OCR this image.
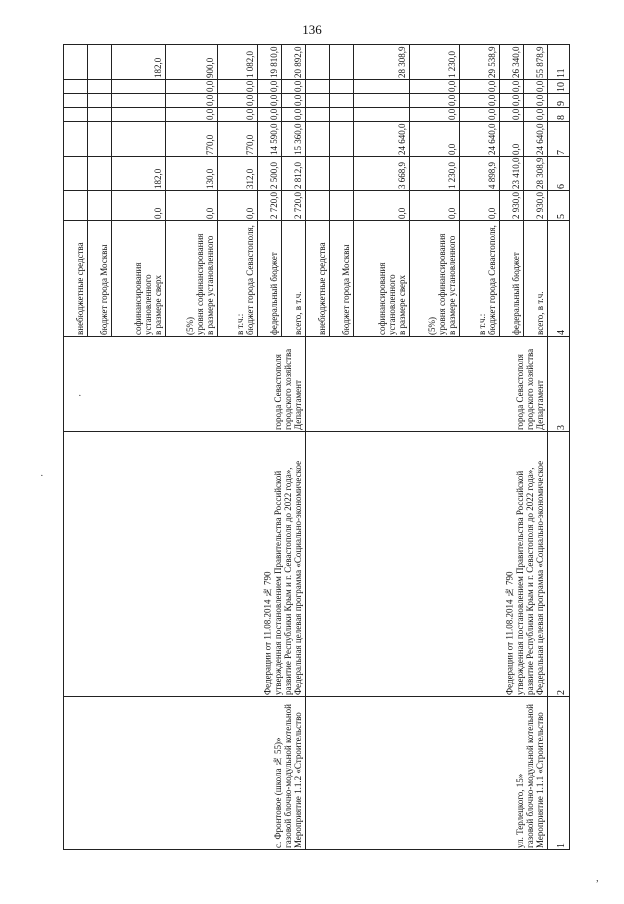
136
1	2	3	4	5	6	7	8	9	10	11
Мероприятие 1.1.1 «Строительство газовой блочно-модульной котельной ул. Терлецкого, 15»	Федеральная целевая программа «Социально-экономическое развитие Республики Крым и г. Севастополя до 2022 года», утвержденная постановлением Правительства Российской Федерации от 11.08.2014 № 790	Департамент городского хозяйства города Севастополя	всего, в т.ч.	2 930,0	28 308,9	24 640,0	0,0	0,0	0,0	55 878,9
федеральный бюджет	2 930,0	23 410,0	0,0	0,0	0,0	0,0	26 340,0
бюджет города Севастополя, в т.ч.:	0,0	4 898,9	24 640,0	0,0	0,0	0,0	29 538,9
в размере установленного уровня софинансирования (5%)	0,0	1 230,0	0,0	0,0	0,0	0,0	1 230,0
в размере сверх установленного софинансирования	0,0	3 668,9	24 640,0				28 308,9
бюджет города Москвы							
внебюджетные средства							
Мероприятие 1.1.2 «Строительство газовой блочно-модульной котельной с. Фронтовое (школа № 55)»	Федеральная целевая программа «Социально-экономическое развитие Республики Крым и г. Севастополя до 2022 года», утвержденная постановлением Правительства Российской Федерации от 11.08.2014 № 790	Департамент городского хозяйства города Севастополя	всего, в т.ч.	2 720,0	2 812,0	15 360,0	0,0	0,0	0,0	20 892,0
федеральный бюджет	2 720,0	2 500,0	14 590,0	0,0	0,0	0,0	19 810,0
бюджет города Севастополя, в т.ч.:	0,0	312,0	770,0	0,0	0,0	0,0	1 082,0
в размере установленного уровня софинансирования (5%)	0,0	130,0	770,0	0,0	0,0	0,0	900,0
в размере сверх установленного софинансирования	0,0	182,0					182,0
бюджет города Москвы							
внебюджетные средства							
·
·
,
